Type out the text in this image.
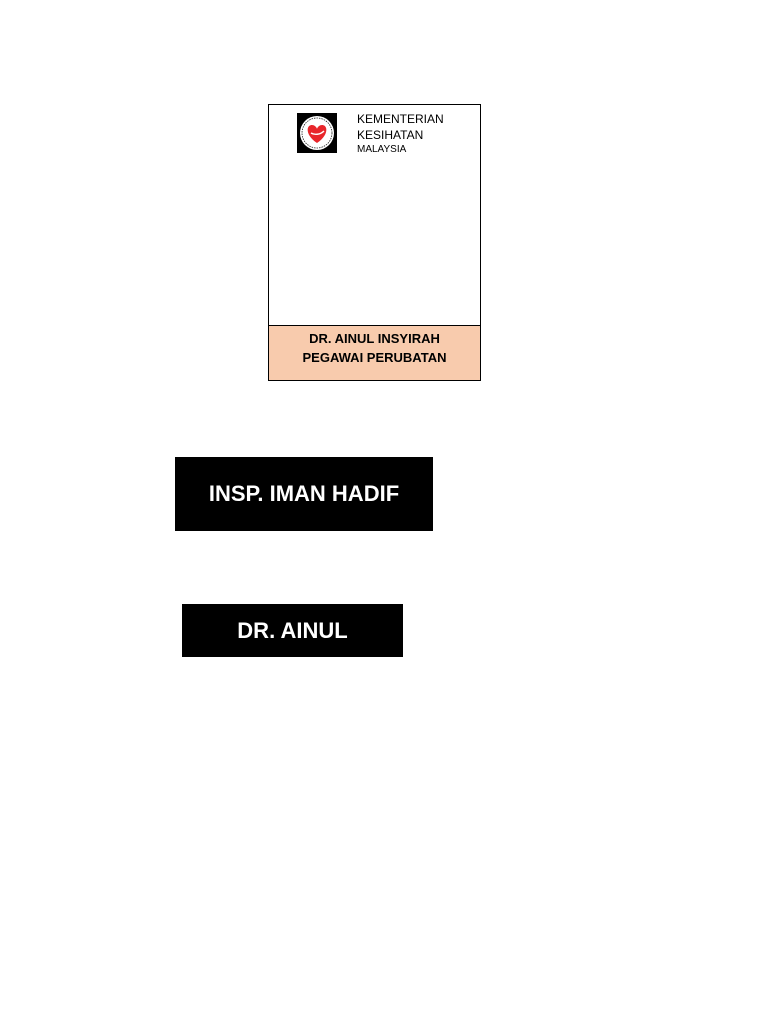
KEMENTERIAN
KESIHATAN
MALAYSIA
DR. AINUL INSYIRAH
PEGAWAI PERUBATAN
INSP. IMAN HADIF
DR. AINUL
